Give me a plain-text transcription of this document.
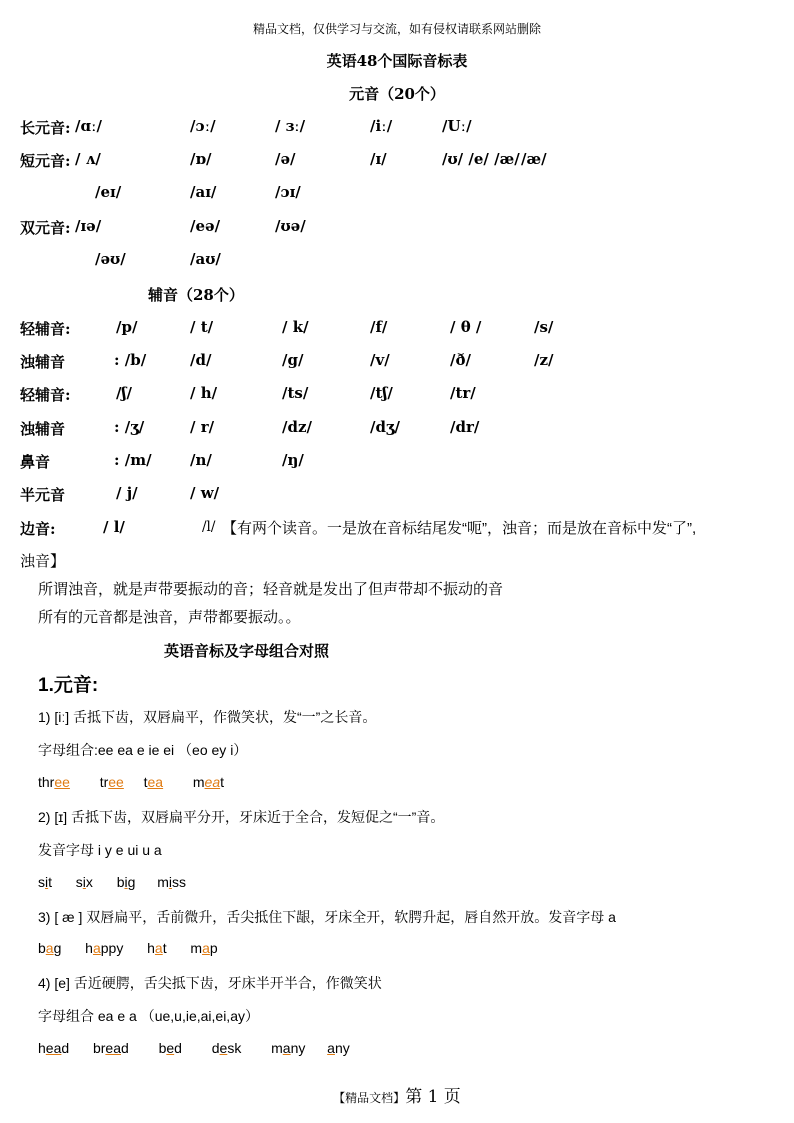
精品文档，仅供学习与交流，如有侵权请联系网站删除
英语48个国际音标表
元音（20个）
长元音: /ɑː/	/ɔː/	/ ɜː/	/iː/	/Uː/
短元音: / ʌ/	/ɒ/	/ə/	/ɪ/	/ʊ/ /e/ /æ/ /æ/
/eɪ/	/aɪ/	/ɔɪ/
双元音: /ɪə/	/eə/	/ʊə/
/əʊ/	/aʊ/
辅音（28个）
轻辅音:	/p/	/ t/	/ k/	/f/	/ θ /	/s/
浊辅音	: /b/	/d/	/g/	/v/	/ð/	/z/
轻辅音:	/ʃ/	/ h/	/ts/	/tʃ/	/tr/
浊辅音	: /ʒ/	/ r/	/dz/	/dʒ/	/dr/
鼻音	: /m/	/n/	/ŋ/
半元音	/ j/	/ w/
边音:	/ l/	/l/ 【有两个读音。一是放在音标结尾发“呃”，浊音；而是放在音标中发“了”,
浊音】
所谓浊音，就是声带要振动的音；轻音就是发出了但声带却不振动的音
所有的元音都是浊音，声带都要振动。。
英语音标及字母组合对照
1.元音:
1) [iː] 舌抵下齿，双唇扁平，作微笑状，发“一”之长音。
字母组合:ee ea e ie ei （eo ey i）
three tree tea meat
2) [ɪ] 舌抵下齿，双唇扁平分开，牙床近于全合，发短促之“一”音。
发音字母 i y e ui u a
sit six big miss
3) [ æ ] 双唇扁平，舌前微升，舌尖抵住下龈，牙床全开，软腭升起，唇自然开放。发音字母 a
bag happy hat map
4) [e] 舌近硬腭，舌尖抵下齿，牙床半开半合，作微笑状
字母组合 ea e a （ue,u,ie,ai,ei,ay）
head bread bed desk many any
【精品文档】第 1 页
